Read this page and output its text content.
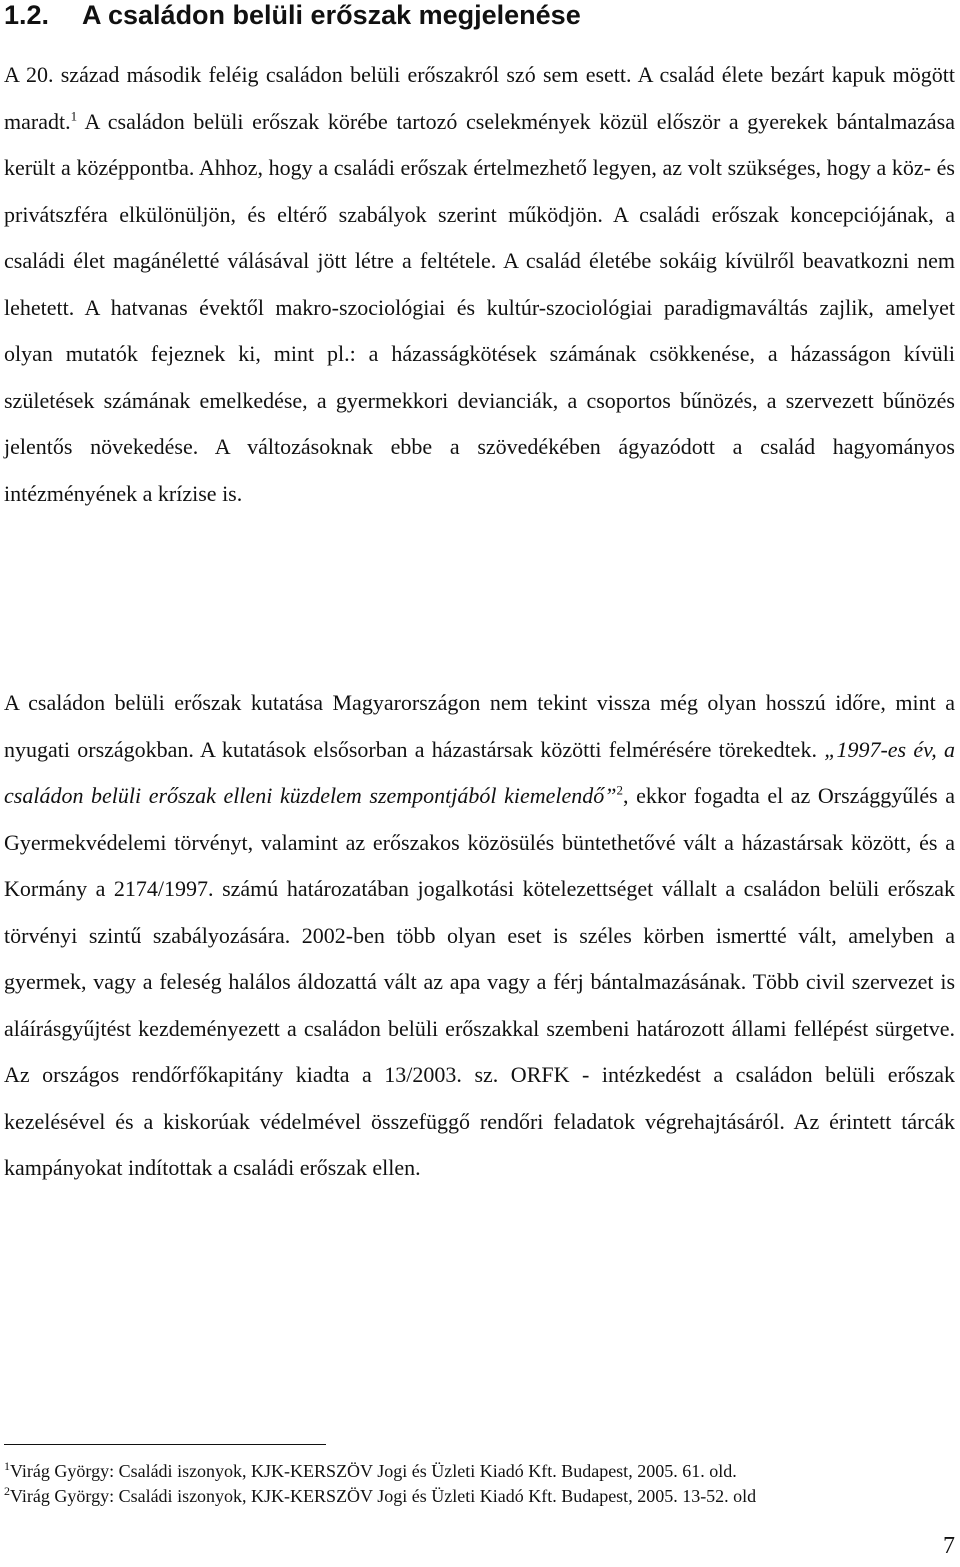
1.2. A családon belüli erőszak megjelenése

A 20. század második feléig családon belüli erőszakról szó sem esett. A család élete bezárt kapuk mögött maradt.$^1$ A családon belüli erőszak körébe tartozó cselekmények közül először a gyerekek bántalmazása került a középpontba. Ahhoz, hogy a családi erőszak értelmezhető legyen, az volt szükséges, hogy a köz- és privátszféra elkülönüljön, és eltérő szabályok szerint működjön. A családi erőszak koncepciójának, a családi élet magánéletté válásával jött létre a feltétele. A család életébe sokáig kívülről beavatkozni nem lehetett. A hatvanas évektől makro-szociológiai és kultúr-szociológiai paradigmaváltás zajlik, amelyet olyan mutatók fejeznek ki, mint pl.: a házasságkötések számának csökkenése, a házasságon kívüli születések számának emelkedése, a gyermekkori devianciák, a csoportos bűnözés, a szervezett bűnözés jelentős növekedése. A változásoknak ebbe a szövedékében ágyazódott a család hagyományos intézményének a krízise is.

A családon belüli erőszak kutatása Magyarországon nem tekint vissza még olyan hosszú időre, mint a nyugati országokban. A kutatások elsősorban a házastársak közötti felmérésére törekedtek. „1997-es év, a családon belüli erőszak elleni küzdelem szempontjából kiemelendő”$^2$, ekkor fogadta el az Országgyűlés a Gyermekvédelemi törvényt, valamint az erőszakos közösülés büntethetővé vált a házastársak között, és a Kormány a 2174/1997. számú határozatában jogalkotási kötelezettséget vállalt a családon belüli erőszak törvényi szintű szabályozására. 2002-ben több olyan eset is széles körben ismertté vált, amelyben a gyermek, vagy a feleség halálos áldozattá vált az apa vagy a férj bántalmazásának. Több civil szervezet is aláírásgyűjtést kezdeményezett a családon belüli erőszakkal szembeni határozott állami fellépést sürgetve. Az országos rendőrfőkapitány kiadta a 13/2003. sz. ORFK - intézkedést a családon belüli erőszak kezelésével és a kiskorúak védelmével összefüggő rendőri feladatok végrehajtásáról. Az érintett tárcák kampányokat indítottak a családi erőszak ellen.

$^1$Virág György: Családi iszonyok, KJK-KERSZÖV Jogi és Üzleti Kiadó Kft. Budapest, 2005. 61. old.

$^2$Virág György: Családi iszonyok, KJK-KERSZÖV Jogi és Üzleti Kiadó Kft. Budapest, 2005. 13-52. old

7
